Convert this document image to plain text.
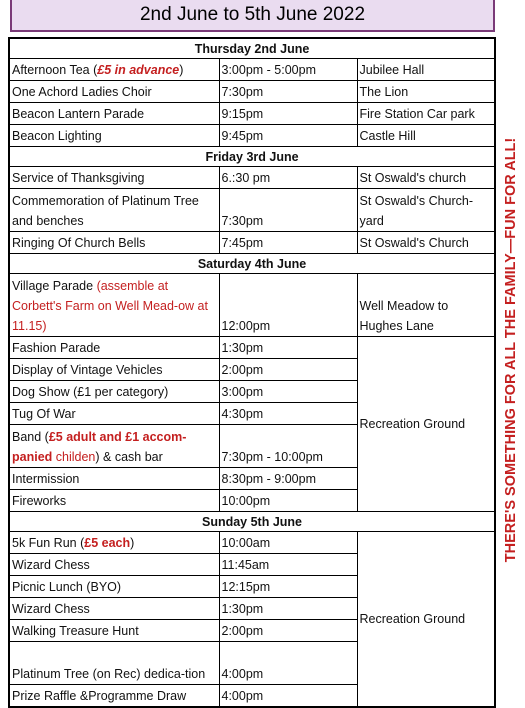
2nd June to 5th June 2022
Thursday 2nd June		
Afternoon Tea (£5 in advance)	3:00pm - 5:00pm	Jubilee Hall
One Achord Ladies Choir	7:30pm	The Lion
Beacon Lantern Parade	9:15pm	Fire Station Car park
Beacon Lighting	9:45pm	Castle Hill
Friday 3rd June		
Service of Thanksgiving	6.:30 pm	St Oswald's church
Commemoration of Platinum Tree and benches	7:30pm	St Oswald's Church-yard
Ringing Of Church Bells	7:45pm	St Oswald's Church
Saturday 4th June		
Village Parade (assemble at Corbett's Farm on Well Mead-ow at 11.15)	12:00pm	Well Meadow to Hughes Lane
Fashion Parade	1:30pm	Recreation Ground
Display of Vintage Vehicles	2:00pm	
Dog Show (£1 per category)	3:00pm	
Tug Of War	4:30pm	
Band (£5 adult and £1 accom-panied childen) & cash bar	7:30pm - 10:00pm	
Intermission	8:30pm - 9:00pm	
Fireworks	10:00pm	
Sunday 5th June		
5k Fun Run (£5 each)	10:00am	Recreation Ground
Wizard Chess	11:45am	
Picnic Lunch (BYO)	12:15pm	
Wizard Chess	1:30pm	
Walking Treasure Hunt	2:00pm	
Platinum Tree (on Rec) dedica-tion	4:00pm	
Prize Raffle &Programme Draw	4:00pm	
THERE'S SOMETHING FOR ALL THE FAMILY—FUN FOR ALL!
